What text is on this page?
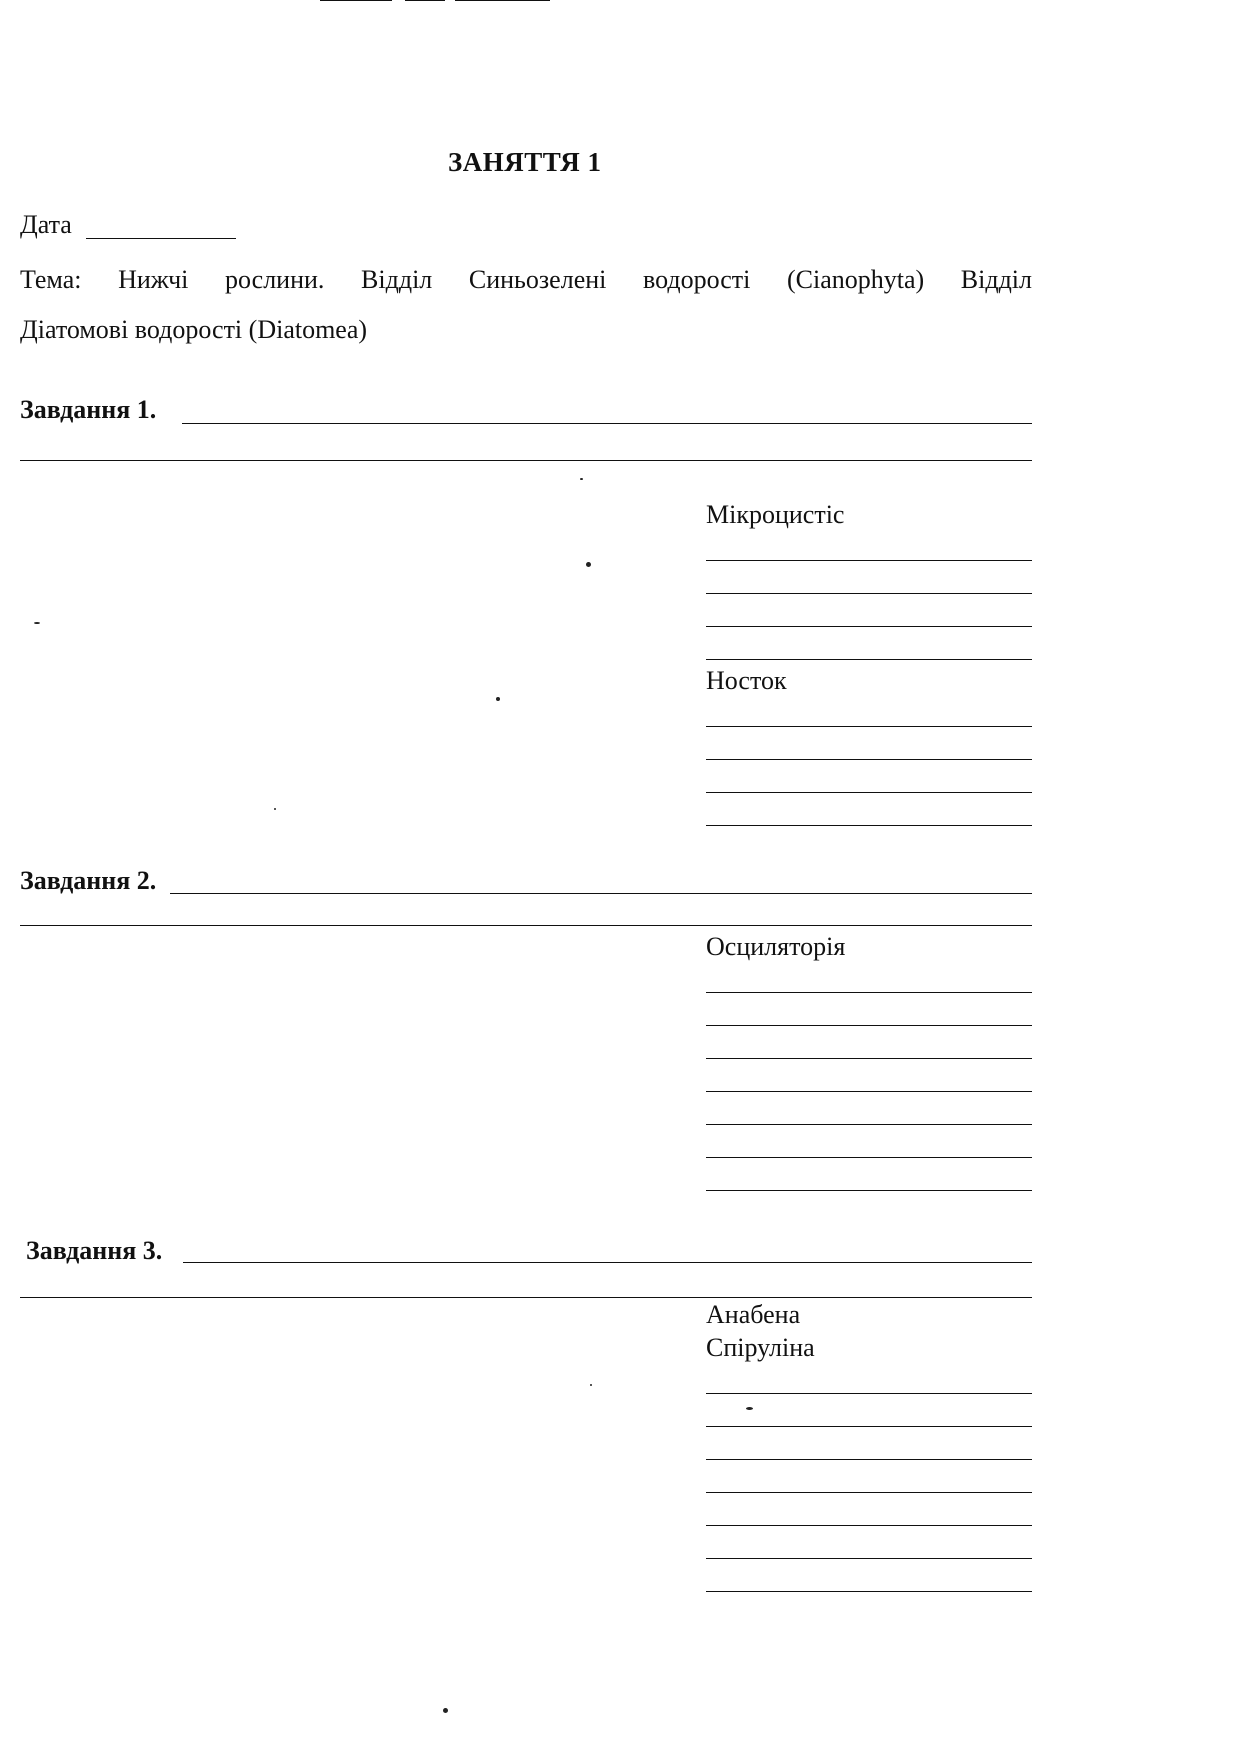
ЗАНЯТТЯ 1
Дата
Тема: Нижчі рослини. Відділ Синьозелені водорості (Cianophyta) Відділ
Діатомові водорості (Diatomea)
Завдання 1.
Мікроцистіс
Носток
Завдання 2.
Осциляторія
Завдання 3.
Анабена
Спіруліна
